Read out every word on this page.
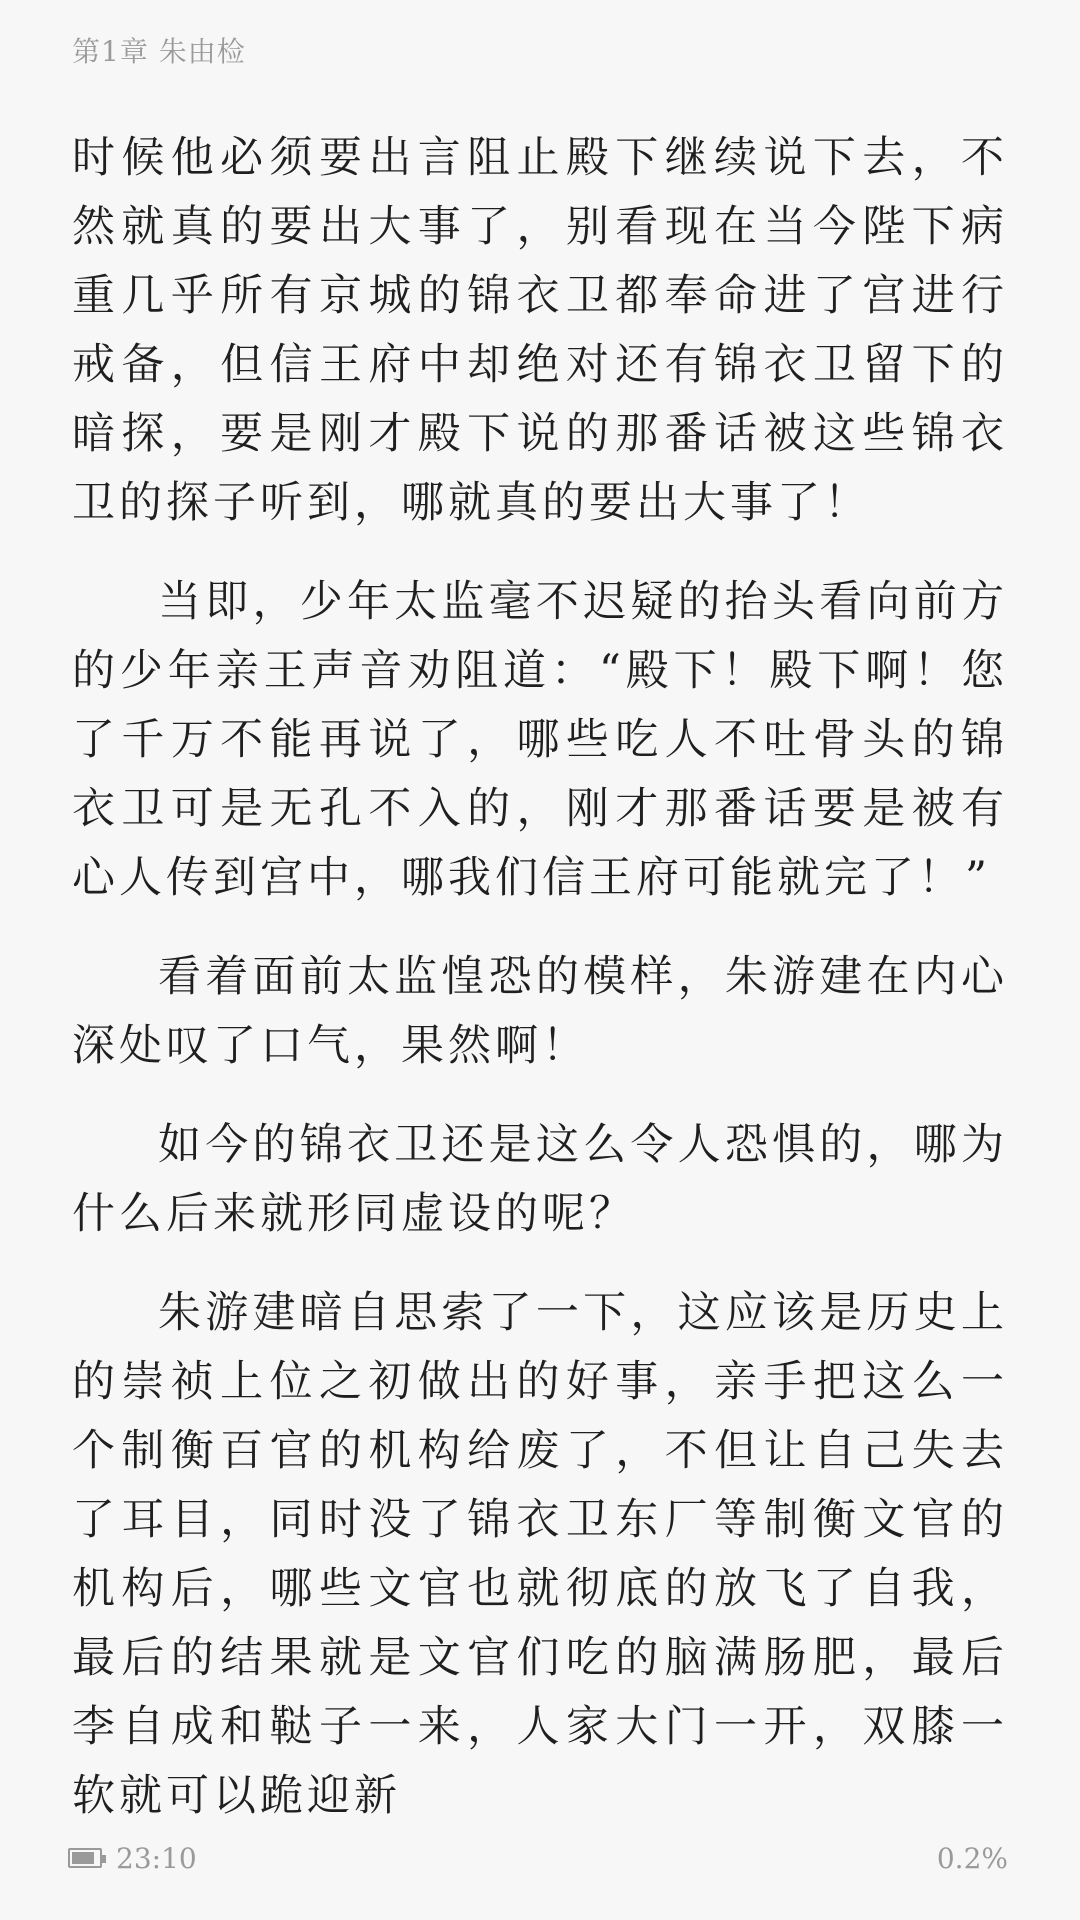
第1章 朱由检

时候他必须要出言阻止殿下继续说下去，不然就真的要出大事了，别看现在当今陛下病重几乎所有京城的锦衣卫都奉命进了宫进行戒备，但信王府中却绝对还有锦衣卫留下的暗探，要是刚才殿下说的那番话被这些锦衣卫的探子听到，哪就真的要出大事了！

当即，少年太监毫不迟疑的抬头看向前方的少年亲王声音劝阻道：“殿下！殿下啊！您了千万不能再说了，哪些吃人不吐骨头的锦衣卫可是无孔不入的，刚才那番话要是被有心人传到宫中，哪我们信王府可能就完了！”

看着面前太监惶恐的模样，朱游建在内心深处叹了口气，果然啊！

如今的锦衣卫还是这么令人恐惧的，哪为什么后来就形同虚设的呢？

朱游建暗自思索了一下，这应该是历史上的崇祯上位之初做出的好事，亲手把这么一个制衡百官的机构给废了，不但让自己失去了耳目，同时没了锦衣卫东厂等制衡文官的机构后，哪些文官也就彻底的放飞了自我，最后的结果就是文官们吃的脑满肠肥，最后李自成和鞑子一来，人家大门一开，双膝一软就可以跪迎新

23:10	0.2%
